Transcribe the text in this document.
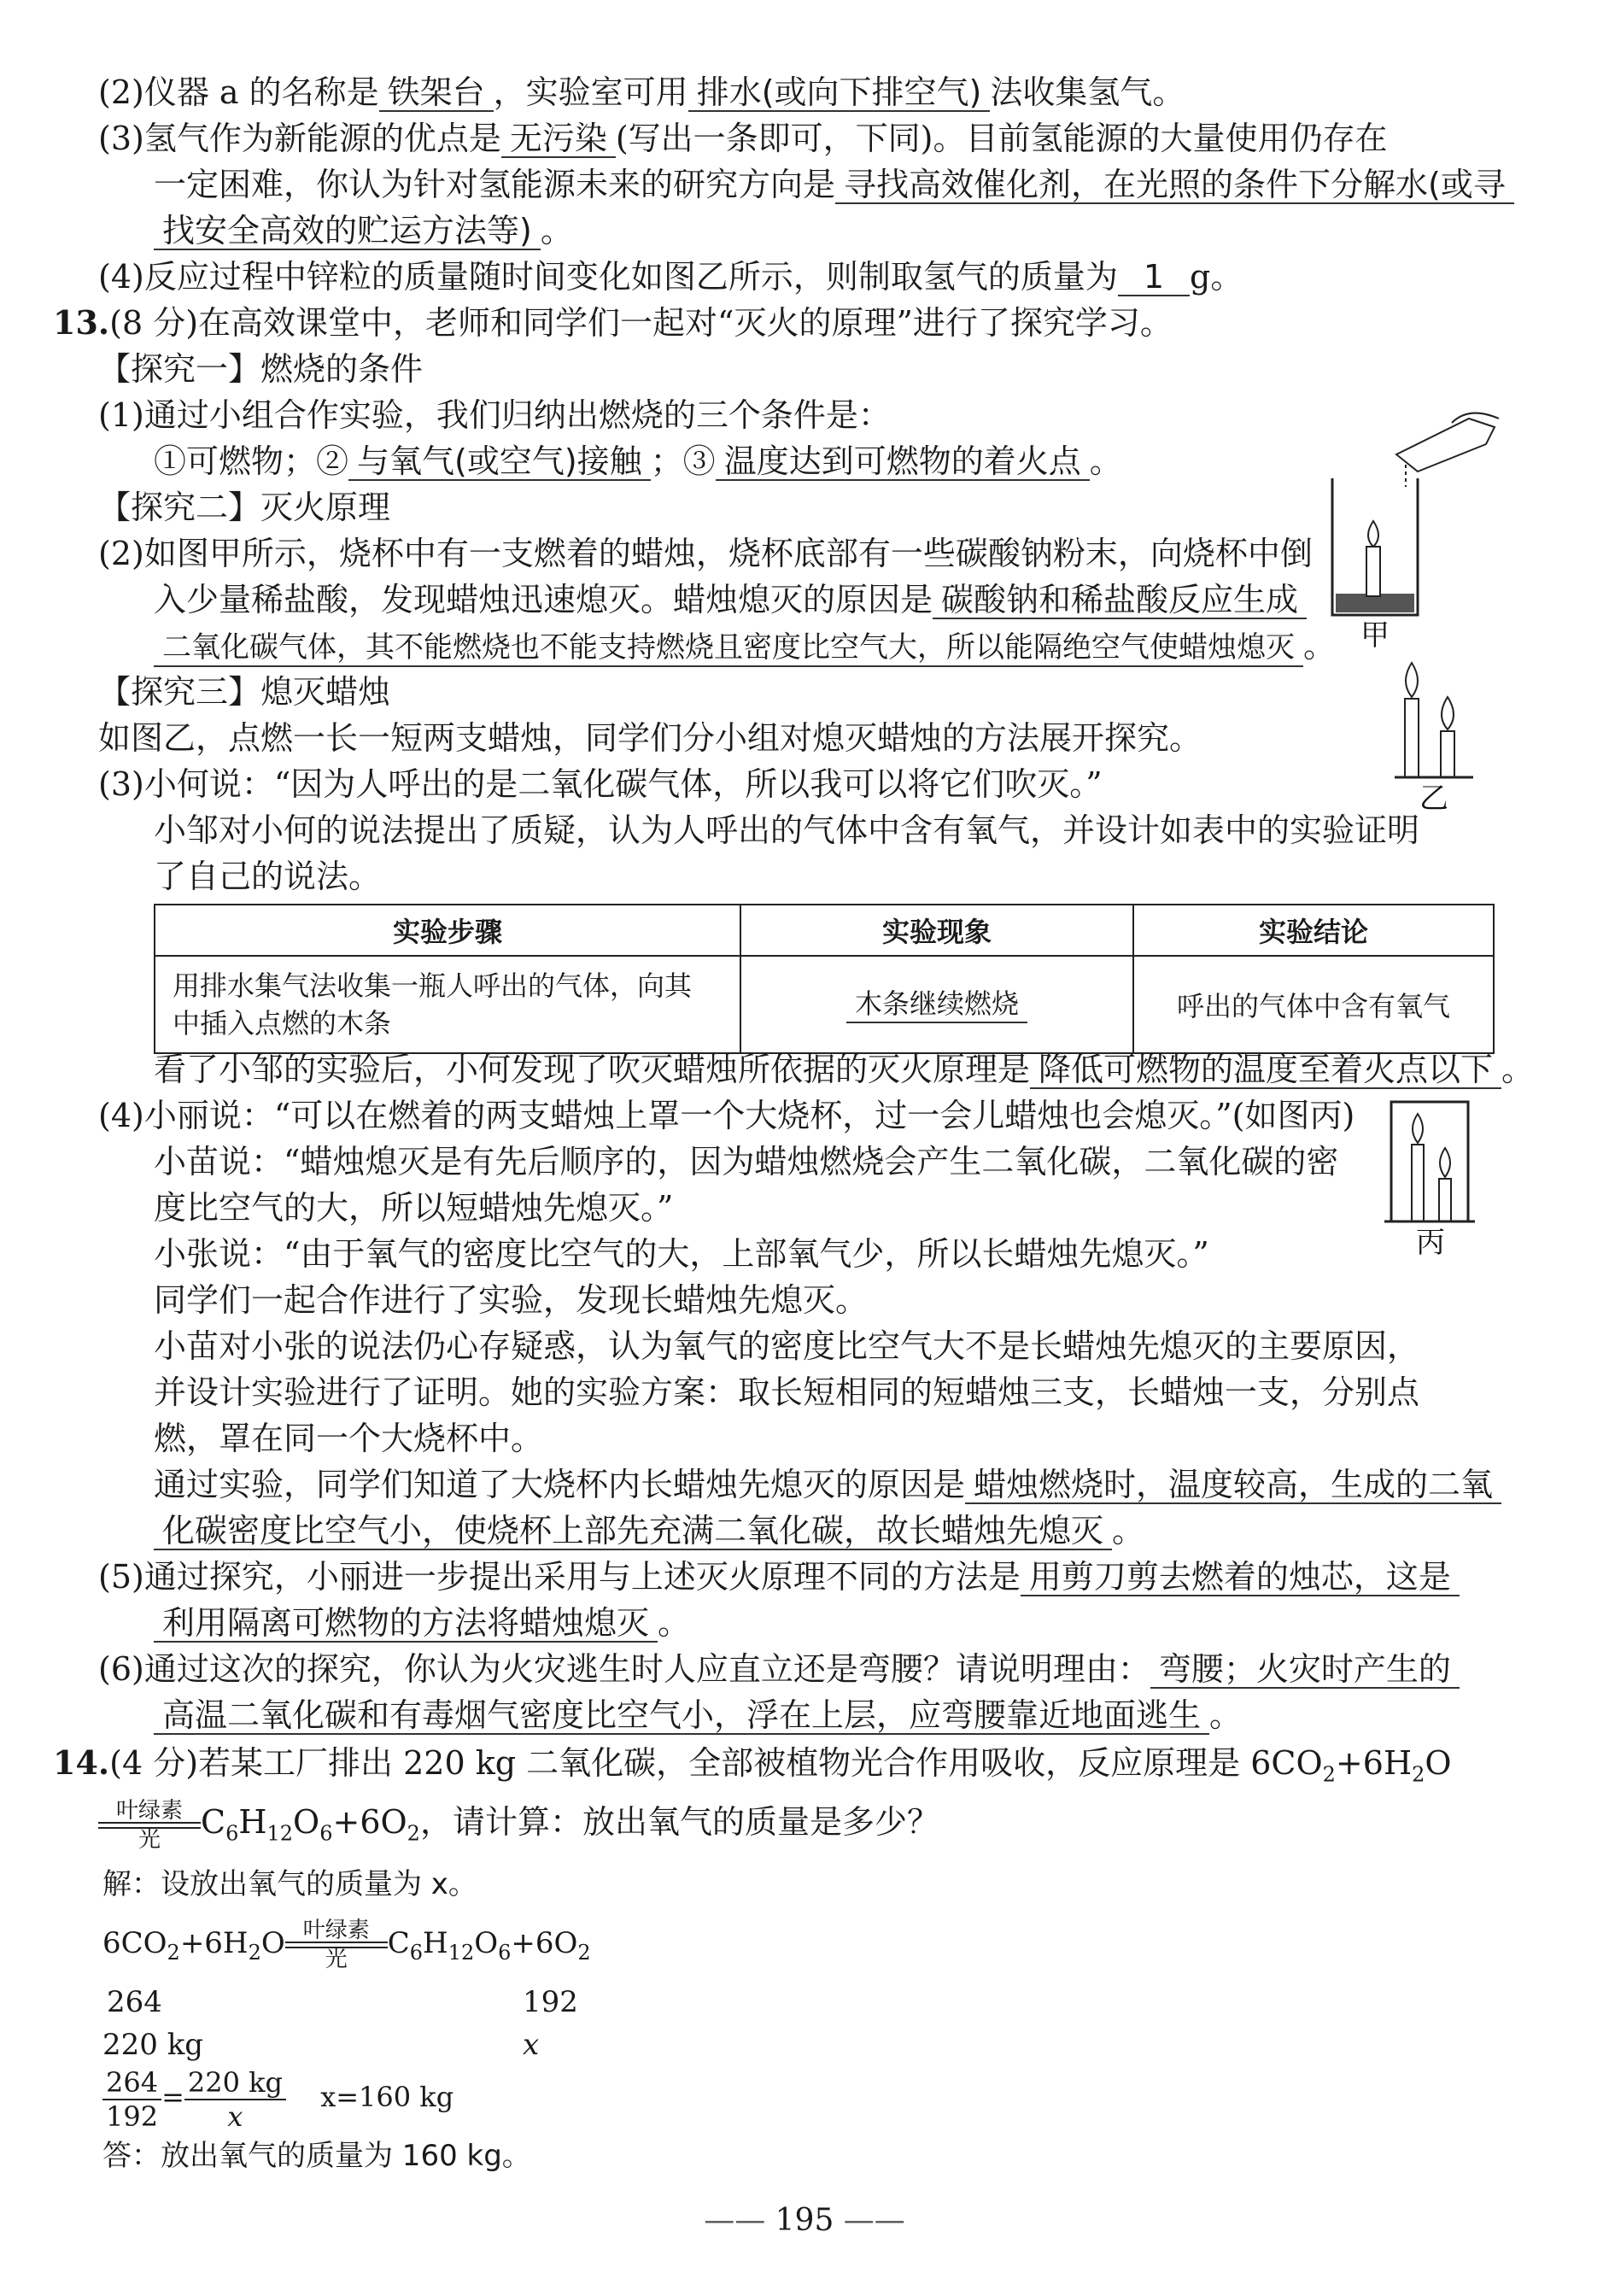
(2)仪器 a 的名称是 铁架台 ，实验室可用 排水(或向下排空气) 法收集氢气。
(3)氢气作为新能源的优点是 无污染 (写出一条即可，下同)。目前氢能源的大量使用仍存在
一定困难，你认为针对氢能源未来的研究方向是 寻找高效催化剂，在光照的条件下分解水(或寻
找安全高效的贮运方法等) 。
(4)反应过程中锌粒的质量随时间变化如图乙所示，则制取氢气的质量为 1 g。
13.(8 分)在高效课堂中，老师和同学们一起对“灭火的原理”进行了探究学习。
【探究一】燃烧的条件
(1)通过小组合作实验，我们归纳出燃烧的三个条件是：
①可燃物；② 与氧气(或空气)接触 ；③ 温度达到可燃物的着火点 。
【探究二】灭火原理
(2)如图甲所示，烧杯中有一支燃着的蜡烛，烧杯底部有一些碳酸钠粉末，向烧杯中倒
入少量稀盐酸，发现蜡烛迅速熄灭。蜡烛熄灭的原因是 碳酸钠和稀盐酸反应生成
二氧化碳气体，其不能燃烧也不能支持燃烧且密度比空气大，所以能隔绝空气使蜡烛熄灭 。
【探究三】熄灭蜡烛
如图乙，点燃一长一短两支蜡烛，同学们分小组对熄灭蜡烛的方法展开探究。
(3)小何说：“因为人呼出的是二氧化碳气体，所以我可以将它们吹灭。”
小邹对小何的说法提出了质疑，认为人呼出的气体中含有氧气，并设计如表中的实验证明
了自己的说法。
实验步骤	实验现象	实验结论

用排水集气法收集一瓶人呼出的气体，向其
中插入点燃的木条	木条继续燃烧	呼出的气体中含有氧气
看了小邹的实验后，小何发现了吹灭蜡烛所依据的灭火原理是 降低可燃物的温度至着火点以下 。
(4)小丽说：“可以在燃着的两支蜡烛上罩一个大烧杯，过一会儿蜡烛也会熄灭。”(如图丙)
小苗说：“蜡烛熄灭是有先后顺序的，因为蜡烛燃烧会产生二氧化碳，二氧化碳的密
度比空气的大，所以短蜡烛先熄灭。”
小张说：“由于氧气的密度比空气的大，上部氧气少，所以长蜡烛先熄灭。”
同学们一起合作进行了实验，发现长蜡烛先熄灭。
小苗对小张的说法仍心存疑惑，认为氧气的密度比空气大不是长蜡烛先熄灭的主要原因，
并设计实验进行了证明。她的实验方案：取长短相同的短蜡烛三支，长蜡烛一支，分别点
燃，罩在同一个大烧杯中。
通过实验，同学们知道了大烧杯内长蜡烛先熄灭的原因是 蜡烛燃烧时，温度较高，生成的二氧
化碳密度比空气小，使烧杯上部先充满二氧化碳，故长蜡烛先熄灭 。
(5)通过探究，小丽进一步提出采用与上述灭火原理不同的方法是 用剪刀剪去燃着的烛芯，这是
利用隔离可燃物的方法将蜡烛熄灭 。
(6)通过这次的探究，你认为火灾逃生时人应直立还是弯腰？请说明理由： 弯腰；火灾时产生的
高温二氧化碳和有毒烟气密度比空气小，浮在上层，应弯腰靠近地面逃生 。
14.(4 分)若某工厂排出 220 kg 二氧化碳，全部被植物光合作用吸收，反应原理是 $6CO_2+6H_2O$
叶绿素
光 $C_6H_{12}O_6+6O_2$，请计算：放出氧气的质量是多少？
解：设放出氧气的质量为 x。
$6CO_2+6H_2O$ 叶绿素
光 $C_6H_{12}O_6+6O_2$
264	192
220 kg	x
$\frac{264}{192} = \frac{220 kg}{x} x=160$ kg
答：放出氧气的质量为 160 kg。
—— 195 ——
甲
乙
丙
